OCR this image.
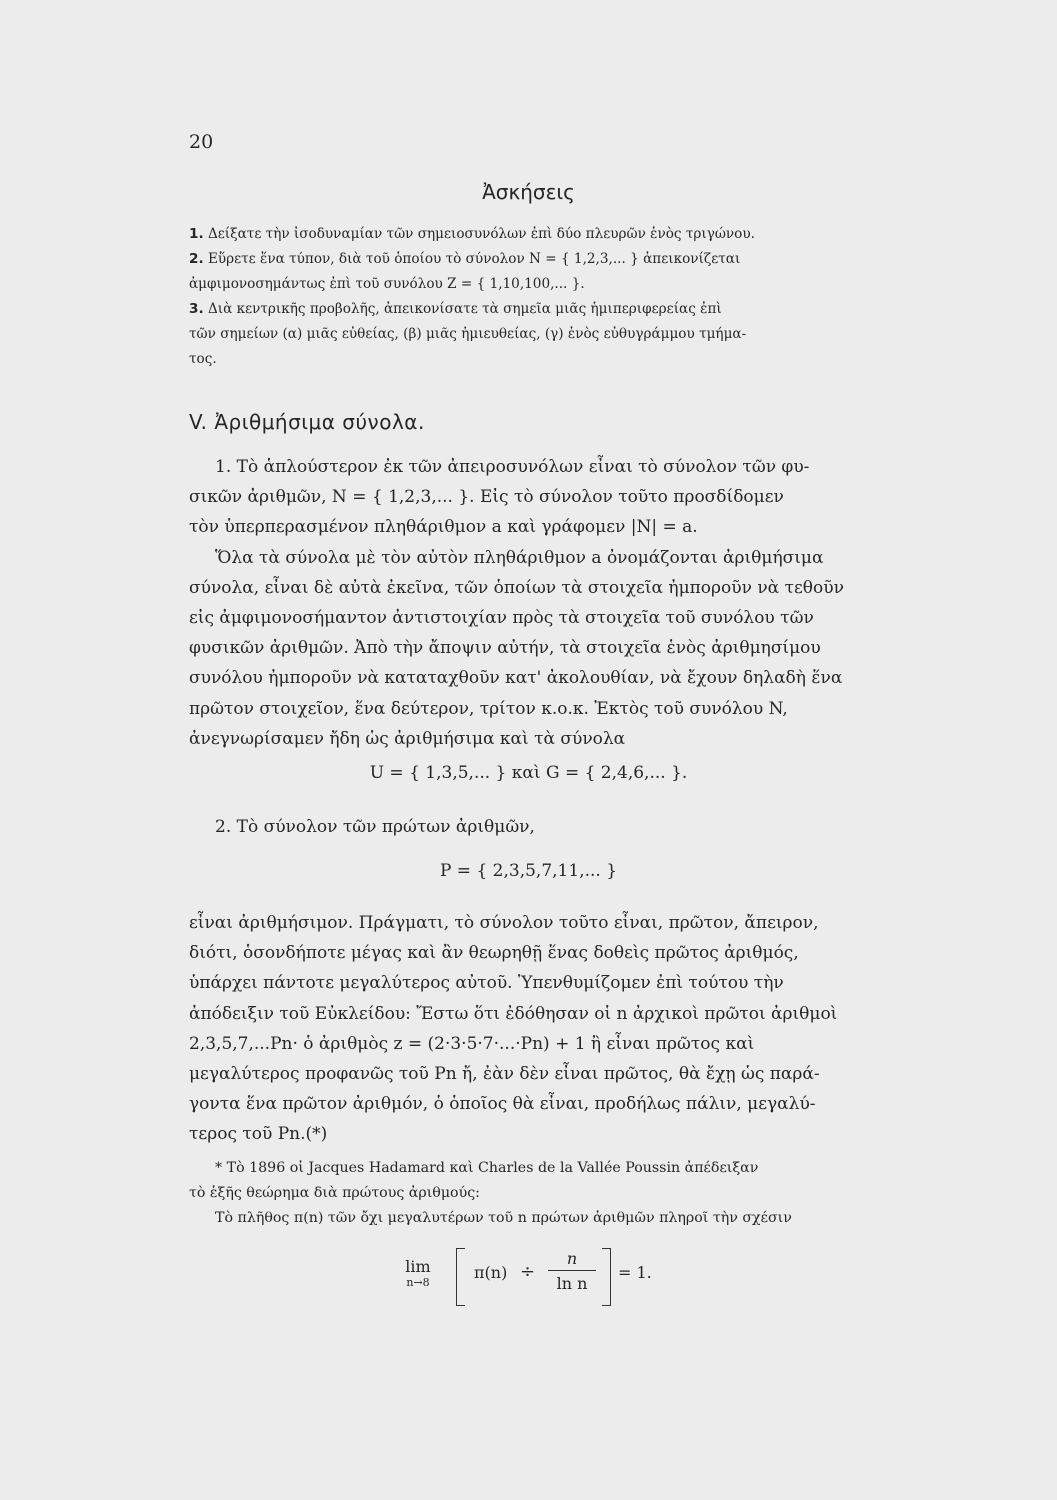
20
Ἀσκήσεις
1. Δείξατε τὴν ἰσοδυναμίαν τῶν σημειοσυνόλων ἐπὶ δύο πλευρῶν ἑνὸς τριγώνου.
2. Εὕρετε ἕνα τύπον, διὰ τοῦ ὁποίου τὸ σύνολον N = { 1,2,3,... } ἀπεικονίζεται
ἀμφιμονοσημάντως ἐπὶ τοῦ συνόλου Z = { 1,10,100,... }.
3. Διὰ κεντρικῆς προβολῆς, ἀπεικονίσατε τὰ σημεῖα μιᾶς ἡμιπεριφερείας ἐπὶ
τῶν σημείων (α) μιᾶς εὐθείας, (β) μιᾶς ἡμιευθείας, (γ) ἑνὸς εὐθυγράμμου τμήμα-
τος.
V. Ἀριθμήσιμα σύνολα.
1. Τὸ ἁπλούστερον ἐκ τῶν ἀπειροσυνόλων εἶναι τὸ σύνολον τῶν φυ-
σικῶν ἀριθμῶν, N = { 1,2,3,... }. Εἰς τὸ σύνολον τοῦτο προσδίδομεν
τὸν ὑπερπερασμένον πληθάριθμον a καὶ γράφομεν |N| = a.
Ὅλα τὰ σύνολα μὲ τὸν αὐτὸν πληθάριθμον a ὀνομάζονται ἀριθμήσιμα
σύνολα, εἶναι δὲ αὐτὰ ἐκεῖνα, τῶν ὁποίων τὰ στοιχεῖα ἠμποροῦν νὰ τεθοῦν
εἰς ἀμφιμονοσήμαντον ἀντιστοιχίαν πρὸς τὰ στοιχεῖα τοῦ συνόλου τῶν
φυσικῶν ἀριθμῶν. Ἀπὸ τὴν ἄποψιν αὐτήν, τὰ στοιχεῖα ἑνὸς ἀριθμησίμου
συνόλου ἠμποροῦν νὰ καταταχθοῦν κατ' ἀκολουθίαν, νὰ ἔχουν δηλαδὴ ἕνα
πρῶτον στοιχεῖον, ἕνα δεύτερον, τρίτον κ.ο.κ. Ἐκτὸς τοῦ συνόλου N,
ἀνεγνωρίσαμεν ἤδη ὡς ἀριθμήσιμα καὶ τὰ σύνολα
U = { 1,3,5,... } καὶ G = { 2,4,6,... }.
2. Τὸ σύνολον τῶν πρώτων ἀριθμῶν,
P = { 2,3,5,7,11,... }
εἶναι ἀριθμήσιμον. Πράγματι, τὸ σύνολον τοῦτο εἶναι, πρῶτον, ἄπειρον,
διότι, ὁσονδήποτε μέγας καὶ ἂν θεωρηθῇ ἕνας δοθεὶς πρῶτος ἀριθμός,
ὑπάρχει πάντοτε μεγαλύτερος αὐτοῦ. Ὑπενθυμίζομεν ἐπὶ τούτου τὴν
ἀπόδειξιν τοῦ Εὐκλείδου: Ἔστω ὅτι ἐδόθησαν οἱ n ἀρχικοὶ πρῶτοι ἀριθμοὶ
2,3,5,7,...Pn· ὁ ἀριθμὸς z = (2·3·5·7·...·Pn) + 1 ἢ εἶναι πρῶτος καὶ
μεγαλύτερος προφανῶς τοῦ Pn ἤ, ἐὰν δὲν εἶναι πρῶτος, θὰ ἔχῃ ὡς παρά-
γοντα ἕνα πρῶτον ἀριθμόν, ὁ ὁποῖος θὰ εἶναι, προδήλως πάλιν, μεγαλύ-
τερος τοῦ Pn.(*)
* Τὸ 1896 οἱ Jacques Hadamard καὶ Charles de la Vallée Poussin ἀπέδειξαν
τὸ ἑξῆς θεώρημα διὰ πρώτους ἀριθμούς:
Τὸ πλῆθος π(n) τῶν ὄχι μεγαλυτέρων τοῦ n πρώτων ἀριθμῶν πληροῖ τὴν σχέσιν
lim
n→8
$\pi(n) \div \frac{n}{\text{ln n}} = 1$.
